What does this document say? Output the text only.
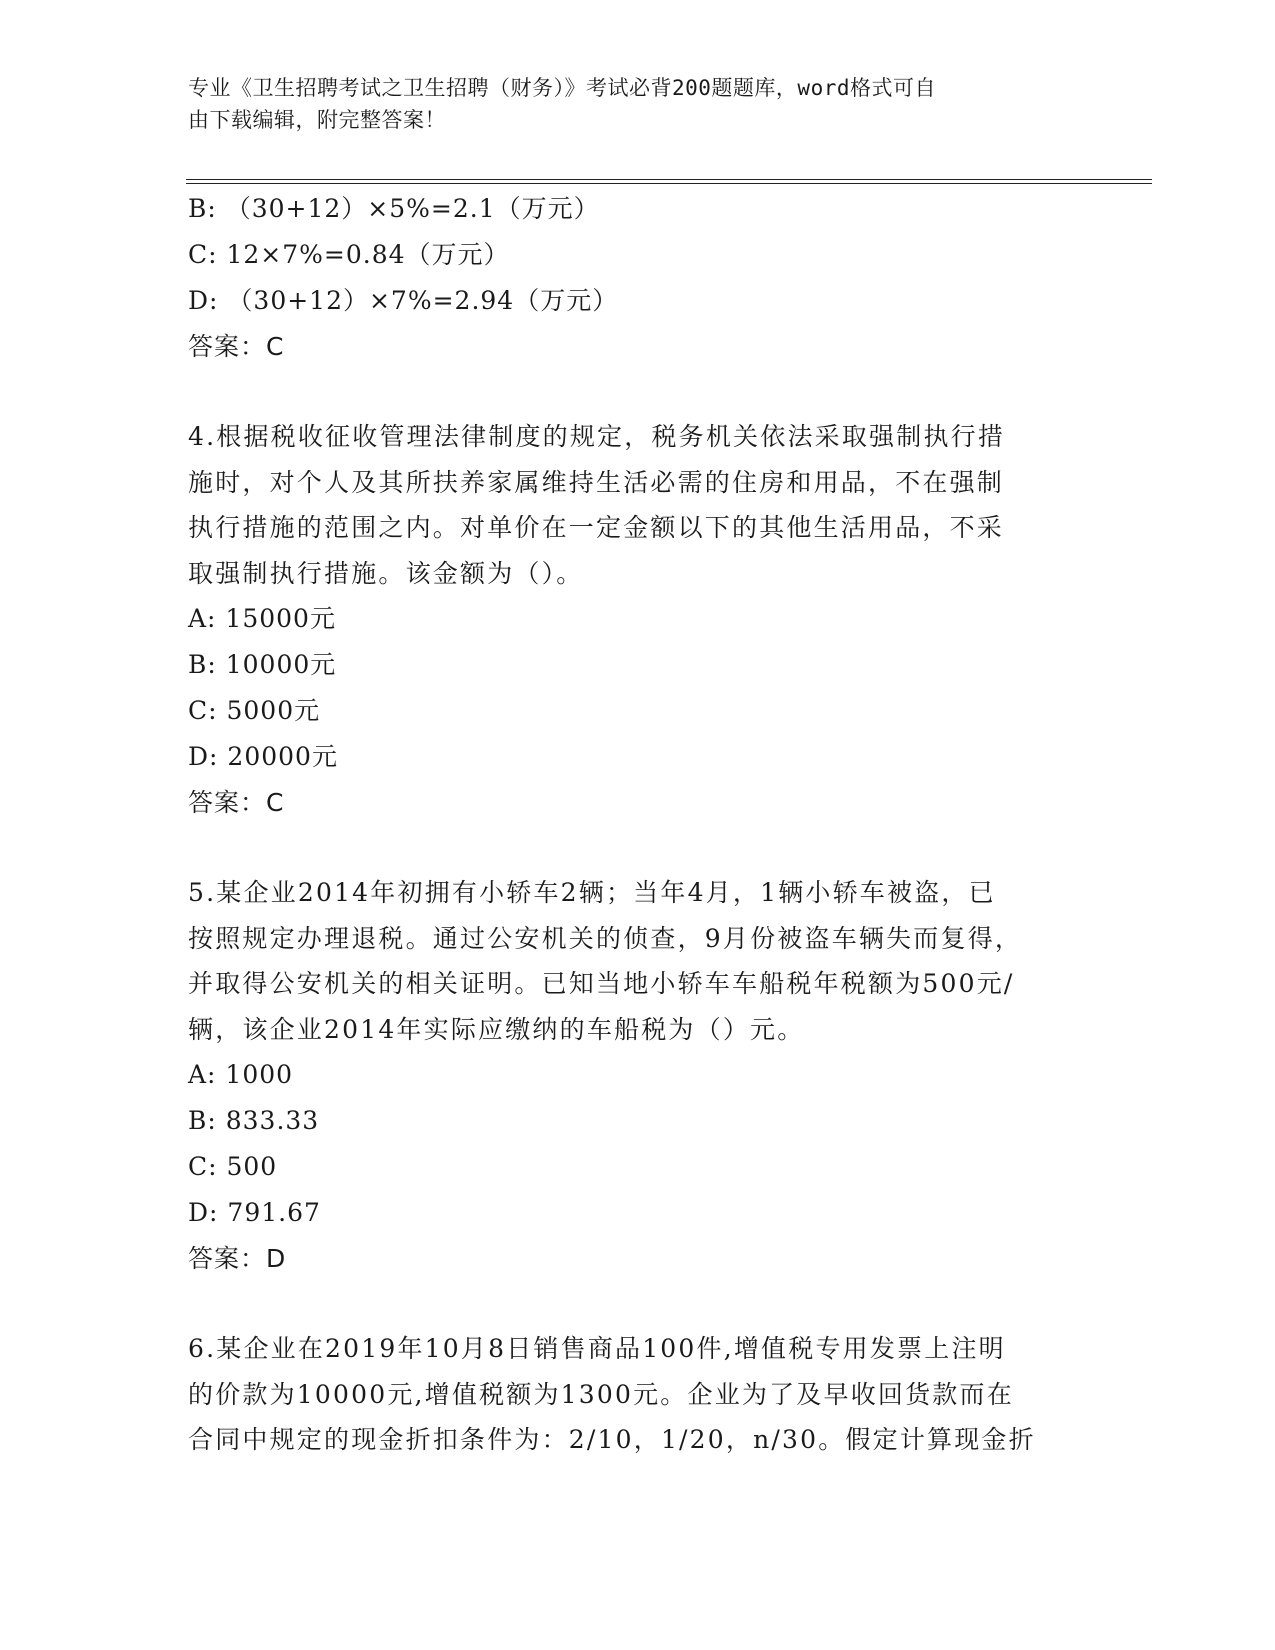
专业《卫生招聘考试之卫生招聘（财务）》考试必背200题题库，word格式可自
由下载编辑，附完整答案！
B: （30+12）×5%=2.1（万元）
C: 12×7%=0.84（万元）
D: （30+12）×7%=2.94（万元）
答案：C
4.根据税收征收管理法律制度的规定，税务机关依法采取强制执行措
施时，对个人及其所扶养家属维持生活必需的住房和用品，不在强制
执行措施的范围之内。对单价在一定金额以下的其他生活用品，不采
取强制执行措施。该金额为（）。
A: 15000元
B: 10000元
C: 5000元
D: 20000元
答案：C
5.某企业2014年初拥有小轿车2辆；当年4月，1辆小轿车被盗，已
按照规定办理退税。通过公安机关的侦查，9月份被盗车辆失而复得，
并取得公安机关的相关证明。已知当地小轿车车船税年税额为500元/
辆，该企业2014年实际应缴纳的车船税为（）元。
A: 1000
B: 833.33
C: 500
D: 791.67
答案：D
6.某企业在2019年10月8日销售商品100件,增值税专用发票上注明
的价款为10000元,增值税额为1300元。企业为了及早收回货款而在
合同中规定的现金折扣条件为：2/10，1/20，n/30。假定计算现金折
